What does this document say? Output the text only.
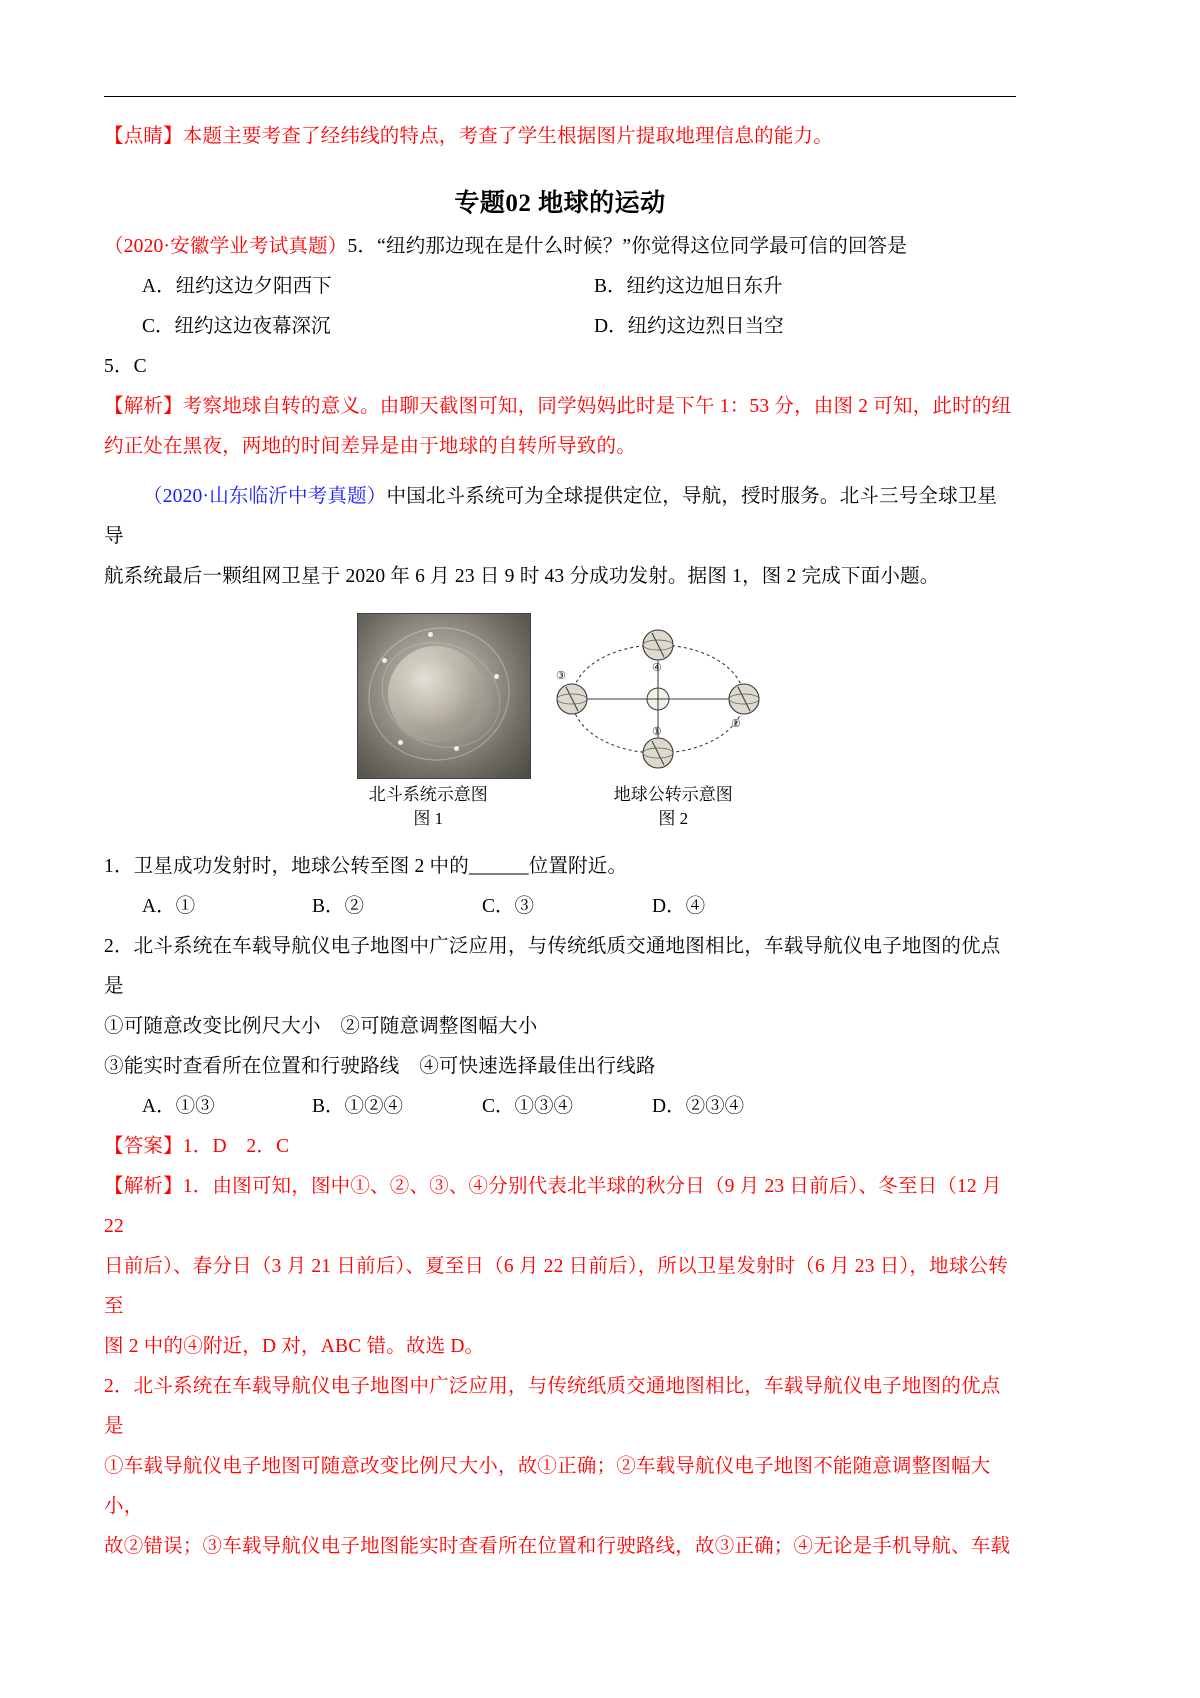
【点睛】本题主要考查了经纬线的特点，考查了学生根据图片提取地理信息的能力。

专题02 地球的运动

（2020·安徽学业考试真题）5．“纽约那边现在是什么时候？”你觉得这位同学最可信的回答是

A．纽约这边夕阳西下	B．纽约这边旭日东升
C．纽约这边夜幕深沉	D．纽约这边烈日当空

5．C

【解析】考察地球自转的意义。由聊天截图可知，同学妈妈此时是下午 1：53 分，由图 2 可知，此时的纽

约正处在黑夜，两地的时间差异是由于地球的自转所导致的。

（2020·山东临沂中考真题）中国北斗系统可为全球提供定位，导航，授时服务。北斗三号全球卫星导

航系统最后一颗组网卫星于 2020 年 6 月 23 日 9 时 43 分成功发射。据图 1，图 2 完成下面小题。

③
②
①
④
北斗系统示意图
图 1
地球公转示意图
图 2

1．卫星成功发射时，地球公转至图 2 中的______位置附近。

A．①	B．②	C．③	D．④

2．北斗系统在车载导航仪电子地图中广泛应用，与传统纸质交通地图相比，车载导航仪电子地图的优点是

①可随意改变比例尺大小　②可随意调整图幅大小

③能实时查看所在位置和行驶路线　④可快速选择最佳出行线路

A．①③	B．①②④	C．①③④	D．②③④

【答案】1．D　2．C

【解析】1．由图可知，图中①、②、③、④分别代表北半球的秋分日（9 月 23 日前后）、冬至日（12 月 22

日前后）、春分日（3 月 21 日前后）、夏至日（6 月 22 日前后），所以卫星发射时（6 月 23 日），地球公转至

图 2 中的④附近，D 对，ABC 错。故选 D。

2．北斗系统在车载导航仪电子地图中广泛应用，与传统纸质交通地图相比，车载导航仪电子地图的优点是

①车载导航仪电子地图可随意改变比例尺大小，故①正确；②车载导航仪电子地图不能随意调整图幅大小，

故②错误；③车载导航仪电子地图能实时查看所在位置和行驶路线，故③正确；④无论是手机导航、车载
